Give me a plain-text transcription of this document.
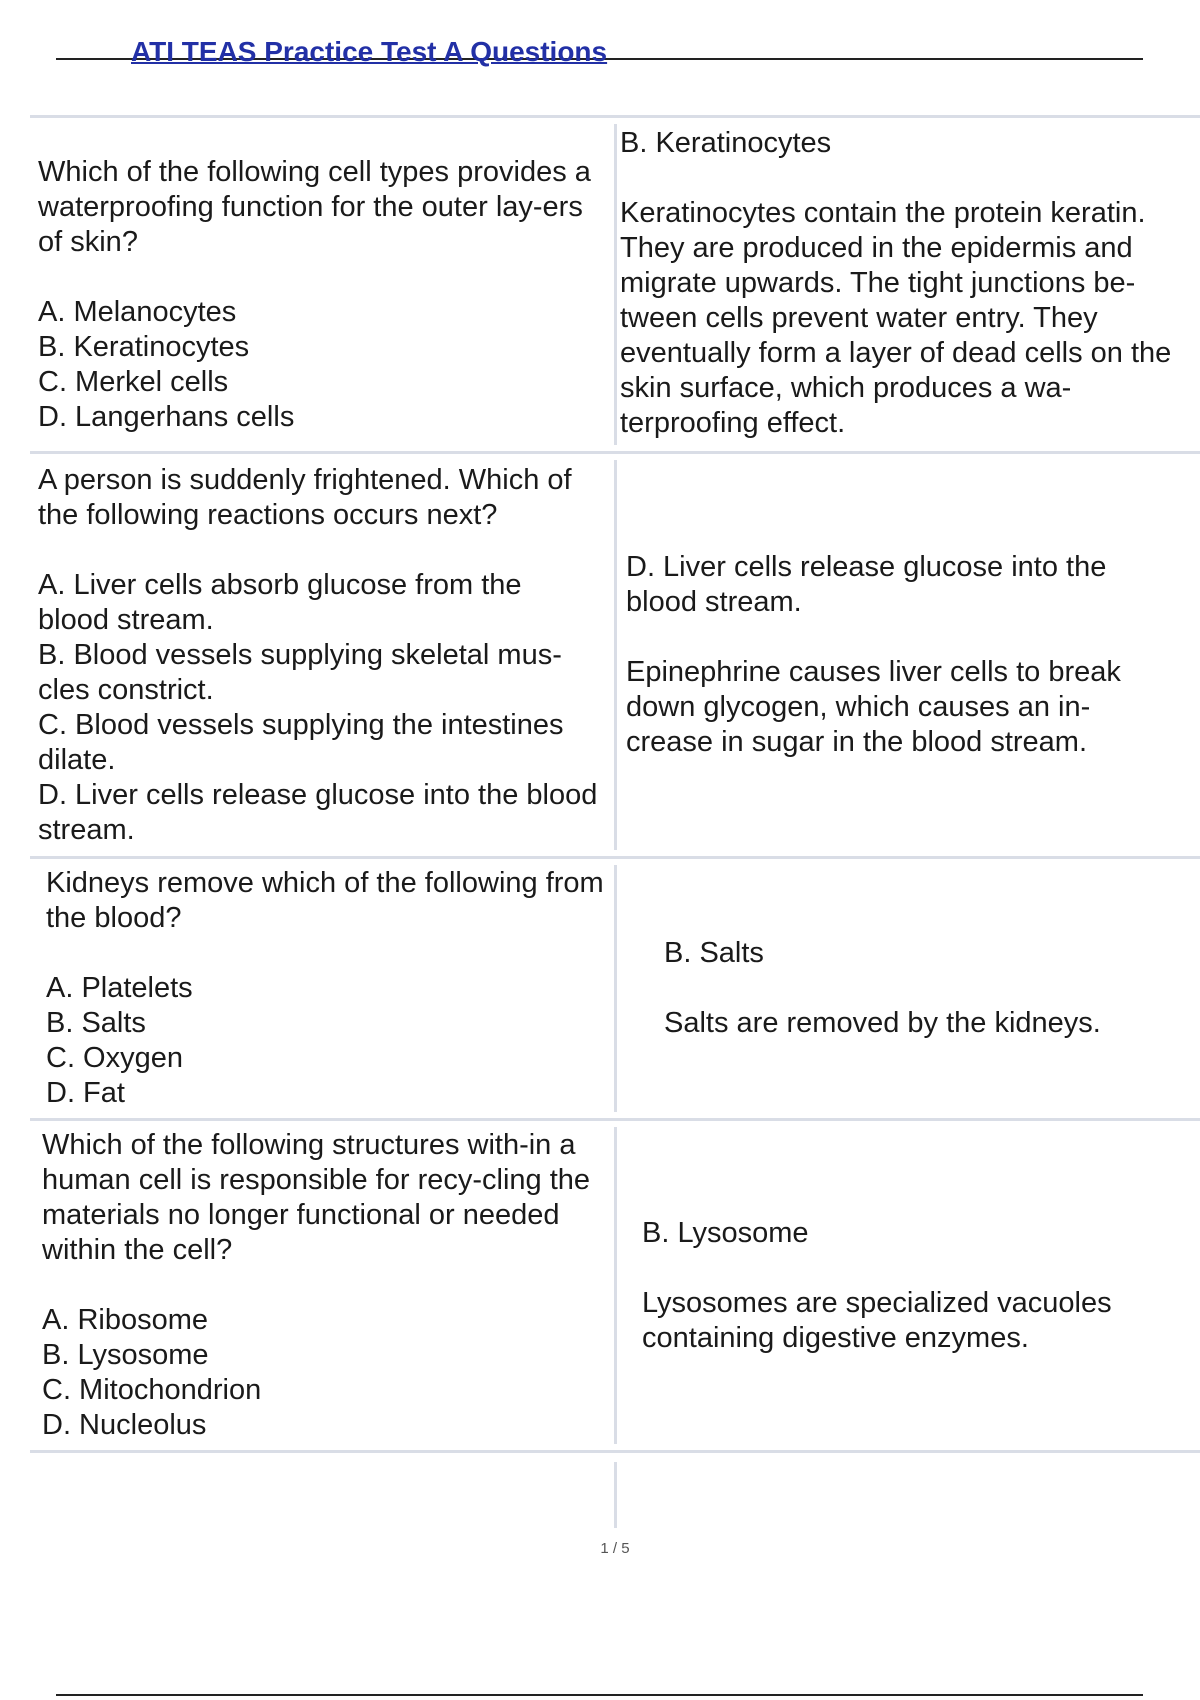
ATI TEAS Practice Test A Questions

Which of the following cell types provides a waterproofing function for the outer lay-ers of skin?

A. Melanocytes

B. Keratinocytes

C. Merkel cells

D. Langerhans cells

B. Keratinocytes

Keratinocytes contain the protein keratin. They are produced in the epidermis and migrate upwards. The tight junctions be-tween cells prevent water entry. They eventually form a layer of dead cells on the skin surface, which produces a wa-terproofing effect.

A person is suddenly frightened. Which of the following reactions occurs next?

A. Liver cells absorb glucose from the blood stream.

B. Blood vessels supplying skeletal mus-cles constrict.

C. Blood vessels supplying the intestines dilate.

D. Liver cells release glucose into the blood stream.

D. Liver cells release glucose into the blood stream.

Epinephrine causes liver cells to break down glycogen, which causes an in-crease in sugar in the blood stream.

Kidneys remove which of the following from the blood?

A. Platelets

B. Salts

C. Oxygen

D. Fat

B. Salts

Salts are removed by the kidneys.

Which of the following structures with-in a human cell is responsible for recy-cling the materials no longer functional or needed within the cell?

A. Ribosome

B. Lysosome

C. Mitochondrion

D. Nucleolus

B. Lysosome

Lysosomes are specialized vacuoles containing digestive enzymes.

1 / 5
